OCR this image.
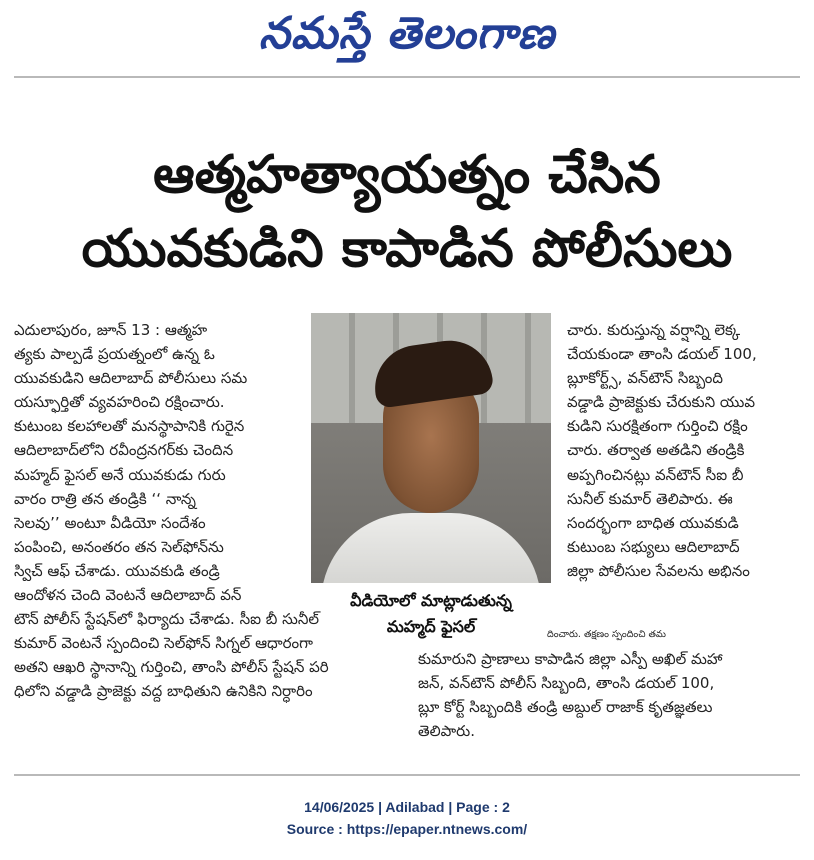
నమస్తే తెలంగాణ
ఆత్మహత్యాయత్నం చేసిన
యువకుడిని కాపాడిన పోలీసులు

ఎదులాపురం, జూన్ 13 : ఆత్మహ

త్యకు పాల్పడే ప్రయత్నంలో ఉన్న ఓ

యువకుడిని ఆదిలాబాద్ పోలీసులు సమ

యస్ఫూర్తితో వ్యవహరించి రక్షించారు.

కుటుంబ కలహాలతో మనస్థాపానికి గురైన

ఆదిలాబాద్‌లోని రవీంద్రనగర్‌కు చెందిన

మహ్మద్ ఫైసల్ అనే యువకుడు గురు

వారం రాత్రి తన తండ్రికి ‘‘ నాన్న

సెలవు’’ అంటూ వీడియో సందేశం

పంపించి, అనంతరం తన సెల్‌ఫోన్‌ను

స్విచ్ ఆఫ్ చేశాడు. యువకుడి తండ్రి

ఆందోళన చెంది వెంటనే ఆదిలాబాద్ వన్

టౌన్ పోలీస్ స్టేషన్‌లో ఫిర్యాదు చేశాడు. సీఐ బీ సునీల్

కుమార్ వెంటనే స్పందించి సెల్‌ఫోన్ సిగ్నల్ ఆధారంగా

అతని ఆఖరి స్థానాన్ని గుర్తించి, తాంసి పోలీస్ స్టేషన్ పరి

ధిలోని వడ్డాడి ప్రాజెక్టు వద్ద బాధితుని ఉనికిని నిర్ధారిం

వీడియోలో మాట్లాడుతున్న
మహ్మద్ ఫైసల్

చారు. కురుస్తున్న వర్షాన్ని లెక్క

చేయకుండా తాంసి డయల్ 100,

బ్లూకోర్ట్స్, వన్‌టౌన్ సిబ్బంది

వడ్డాడి ప్రాజెక్టుకు చేరుకుని యువ

కుడిని సురక్షితంగా గుర్తించి రక్షిం

చారు. తర్వాత అతడిని తండ్రికి

అప్పగించినట్లు వన్‌టౌన్ సీఐ బీ

సునీల్ కుమార్ తెలిపారు. ఈ

సందర్భంగా బాధిత యువకుడి

కుటుంబ సభ్యులు ఆదిలాబాద్

జిల్లా పోలీసుల సేవలను అభినం

దించారు. తక్షణం స్పందించి తమ

కుమారుని ప్రాణాలు కాపాడిన జిల్లా ఎస్పీ అఖిల్ మహా

జన్, వన్‌టౌన్ పోలీస్ సిబ్బంది, తాంసి డయల్ 100,

బ్లూ కోర్ట్ సిబ్బందికి తండ్రి అబ్దుల్ రాజాక్ కృతజ్ఞతలు

తెలిపారు.

14/06/2025 | Adilabad | Page : 2
Source : https://epaper.ntnews.com/
